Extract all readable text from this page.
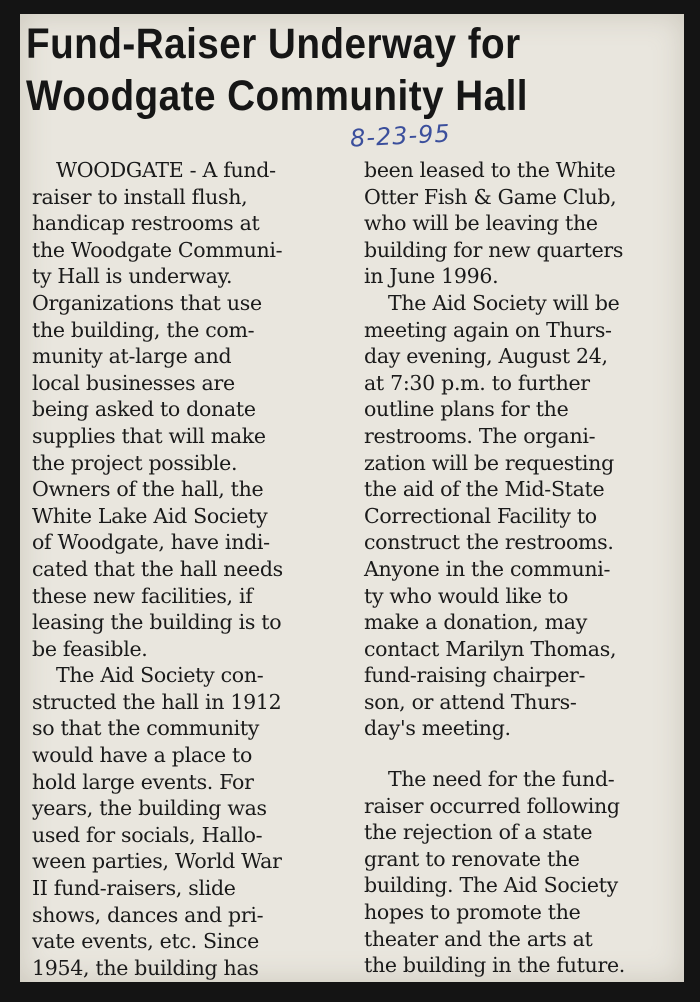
Fund-Raiser Underway for
Woodgate Community Hall
8-23-95

WOODGATE - A fund-

raiser to install flush,

handicap restrooms at

the Woodgate Communi-

ty Hall is underway.

Organizations that use

the building, the com-

munity at-large and

local businesses are

being asked to donate

supplies that will make

the project possible.

Owners of the hall, the

White Lake Aid Society

of Woodgate, have indi-

cated that the hall needs

these new facilities, if

leasing the building is to

be feasible.

The Aid Society con-

structed the hall in 1912

so that the community

would have a place to

hold large events. For

years, the building was

used for socials, Hallo-

ween parties, World War

II fund-raisers, slide

shows, dances and pri-

vate events, etc. Since

1954, the building has

been leased to the White

Otter Fish & Game Club,

who will be leaving the

building for new quarters

in June 1996.

The Aid Society will be

meeting again on Thurs-

day evening, August 24,

at 7:30 p.m. to further

outline plans for the

restrooms. The organi-

zation will be requesting

the aid of the Mid-State

Correctional Facility to

construct the restrooms.

Anyone in the communi-

ty who would like to

make a donation, may

contact Marilyn Thomas,

fund-raising chairper-

son, or attend Thurs-

day's meeting.

The need for the fund-

raiser occurred following

the rejection of a state

grant to renovate the

building. The Aid Society

hopes to promote the

theater and the arts at

the building in the future.
